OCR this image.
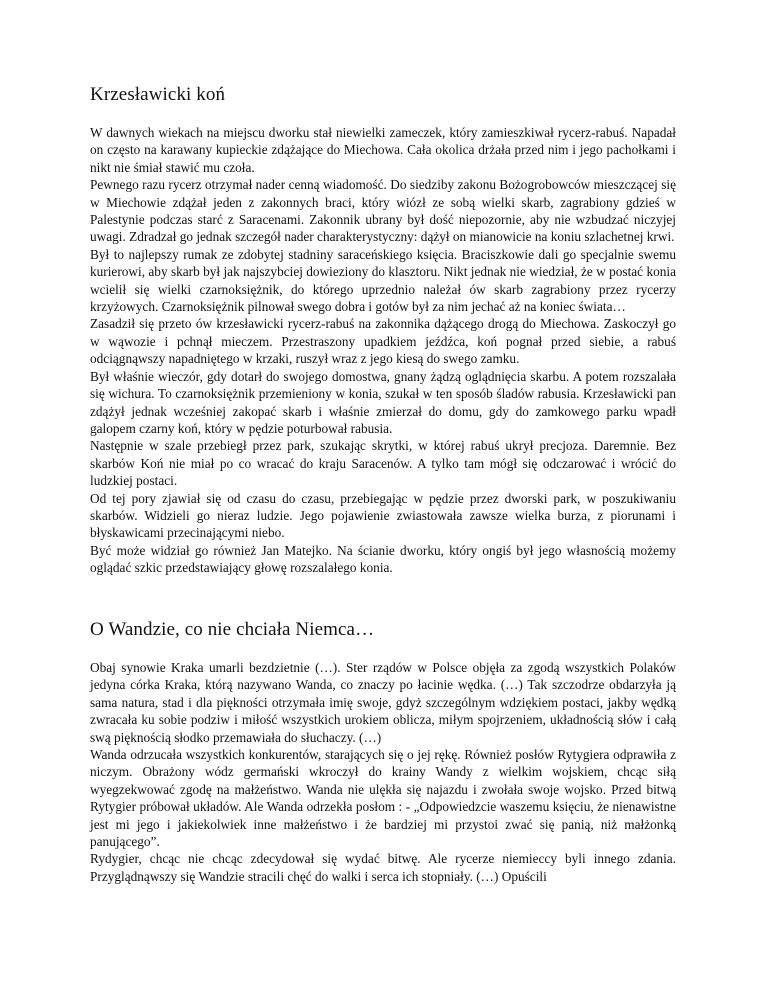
Krzesławicki koń

W dawnych wiekach na miejscu dworku stał niewielki zameczek, który zamieszkiwał rycerz-rabuś. Napadał on często na karawany kupieckie zdążające do Miechowa. Cała okolica drżała przed nim i jego pachołkami i nikt nie śmiał stawić mu czoła.

Pewnego razu rycerz otrzymał nader cenną wiadomość. Do siedziby zakonu Bożogrobowców mieszczącej się w Miechowie zdążał jeden z zakonnych braci, który wiózł ze sobą wielki skarb, zagrabiony gdzieś w Palestynie podczas starć z Saracenami. Zakonnik ubrany był dość niepozornie, aby nie wzbudzać niczyjej uwagi. Zdradzał go jednak szczegół nader charakterystyczny: dążył on mianowicie na koniu szlachetnej krwi.

Był to najlepszy rumak ze zdobytej stadniny saraceńskiego księcia. Braciszkowie dali go specjalnie swemu kurierowi, aby skarb był jak najszybciej dowieziony do klasztoru. Nikt jednak nie wiedział, że w postać konia wcielił się wielki czarnoksiężnik, do którego uprzednio należał ów skarb zagrabiony przez rycerzy krzyżowych. Czarnoksiężnik pilnował swego dobra i gotów był za nim jechać aż na koniec świata…

Zasadził się przeto ów krzesławicki rycerz-rabuś na zakonnika dążącego drogą do Miechowa. Zaskoczył go w wąwozie i pchnął mieczem. Przestraszony upadkiem jeźdźca, koń pognał przed siebie, a rabuś odciągnąwszy napadniętego w krzaki, ruszył wraz z jego kiesą do swego zamku.

Był właśnie wieczór, gdy dotarł do swojego domostwa, gnany żądzą oglądnięcia skarbu. A potem rozszalała się wichura. To czarnoksiężnik przemieniony w konia, szukał w ten sposób śladów rabusia. Krzesławicki pan zdążył jednak wcześniej zakopać skarb i właśnie zmierzał do domu, gdy do zamkowego parku wpadł galopem czarny koń, który w pędzie poturbował rabusia.

Następnie w szale przebiegł przez park, szukając skrytki, w której rabuś ukrył precjoza. Daremnie. Bez skarbów Koń nie miał po co wracać do kraju Saracenów. A tylko tam mógł się odczarować i wrócić do ludzkiej postaci.

Od tej pory zjawiał się od czasu do czasu, przebiegając w pędzie przez dworski park, w poszukiwaniu skarbów. Widzieli go nieraz ludzie. Jego pojawienie zwiastowała zawsze wielka burza, z piorunami i błyskawicami przecinającymi niebo.

Być może widział go również Jan Matejko. Na ścianie dworku, który ongiś był jego własnością możemy oglądać szkic przedstawiający głowę rozszalałego konia.

O Wandzie, co nie chciała Niemca…

Obaj synowie Kraka umarli bezdzietnie (…). Ster rządów w Polsce objęła za zgodą wszystkich Polaków jedyna córka Kraka, którą nazywano Wanda, co znaczy po łacinie wędka. (…) Tak szczodrze obdarzyła ją sama natura, stad i dla piękności otrzymała imię swoje, gdyż szczególnym wdziękiem postaci, jakby wędką zwracała ku sobie podziw i miłość wszystkich urokiem oblicza, miłym spojrzeniem, układnością słów i całą swą pięknością słodko przemawiała do słuchaczy. (…)

Wanda odrzucała wszystkich konkurentów, starających się o jej rękę. Również posłów Rytygiera odprawiła z niczym. Obrażony wódz germański wkroczył do krainy Wandy z wielkim wojskiem, chcąc siłą wyegzekwować zgodę na małżeństwo. Wanda nie ulękła się najazdu i zwołała swoje wojsko. Przed bitwą Rytygier próbował układów. Ale Wanda odrzekła posłom : - „Odpowiedzcie waszemu księciu, że nienawistne jest mi jego i jakiekolwiek inne małżeństwo i że bardziej mi przystoi zwać się panią, niż małżonką panującego”.

Rydygier, chcąc nie chcąc zdecydował się wydać bitwę. Ale rycerze niemieccy byli innego zdania. Przyglądnąwszy się Wandzie stracili chęć do walki i serca ich stopniały. (…) Opuścili
